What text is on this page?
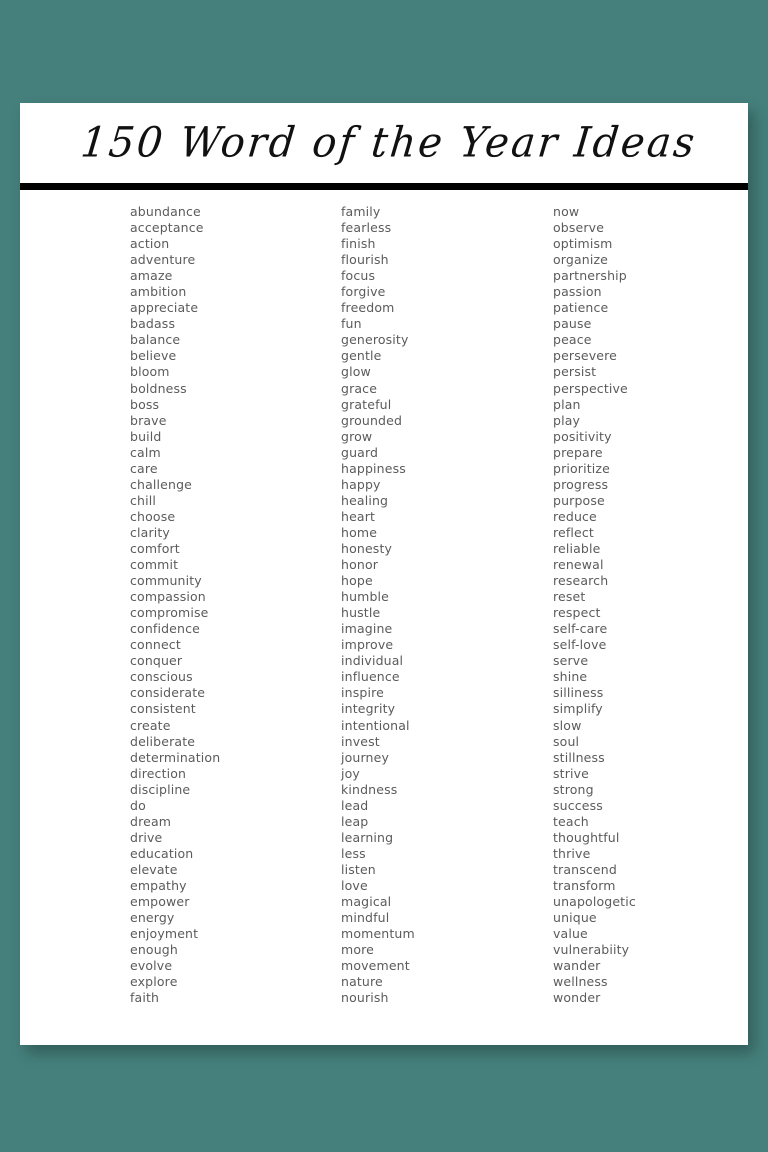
150 Word of the Year Ideas
abundance
acceptance
action
adventure
amaze
ambition
appreciate
badass
balance
believe
bloom
boldness
boss
brave
build
calm
care
challenge
chill
choose
clarity
comfort
commit
community
compassion
compromise
confidence
connect
conquer
conscious
considerate
consistent
create
deliberate
determination
direction
discipline
do
dream
drive
education
elevate
empathy
empower
energy
enjoyment
enough
evolve
explore
faith
family
fearless
finish
flourish
focus
forgive
freedom
fun
generosity
gentle
glow
grace
grateful
grounded
grow
guard
happiness
happy
healing
heart
home
honesty
honor
hope
humble
hustle
imagine
improve
individual
influence
inspire
integrity
intentional
invest
journey
joy
kindness
lead
leap
learning
less
listen
love
magical
mindful
momentum
more
movement
nature
nourish
now
observe
optimism
organize
partnership
passion
patience
pause
peace
persevere
persist
perspective
plan
play
positivity
prepare
prioritize
progress
purpose
reduce
reflect
reliable
renewal
research
reset
respect
self-care
self-love
serve
shine
silliness
simplify
slow
soul
stillness
strive
strong
success
teach
thoughtful
thrive
transcend
transform
unapologetic
unique
value
vulnerabiity
wander
wellness
wonder
